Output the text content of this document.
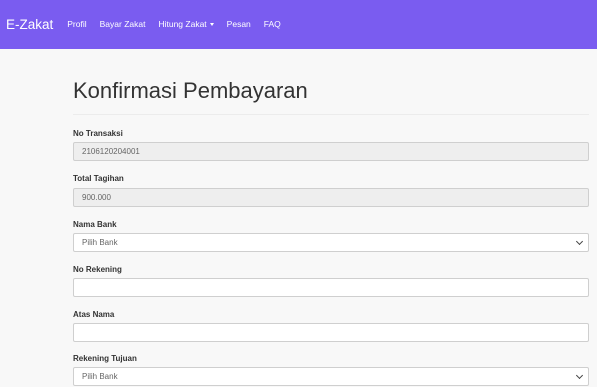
E-Zakat	Profil Bayar Zakat Hitung Zakat Pesan FAQ
Konfirmasi Pembayaran
No Transaksi
2106120204001
Total Tagihan
900.000
Nama Bank
Pilih Bank
No Rekening
Atas Nama
Rekening Tujuan
Pilih Bank
